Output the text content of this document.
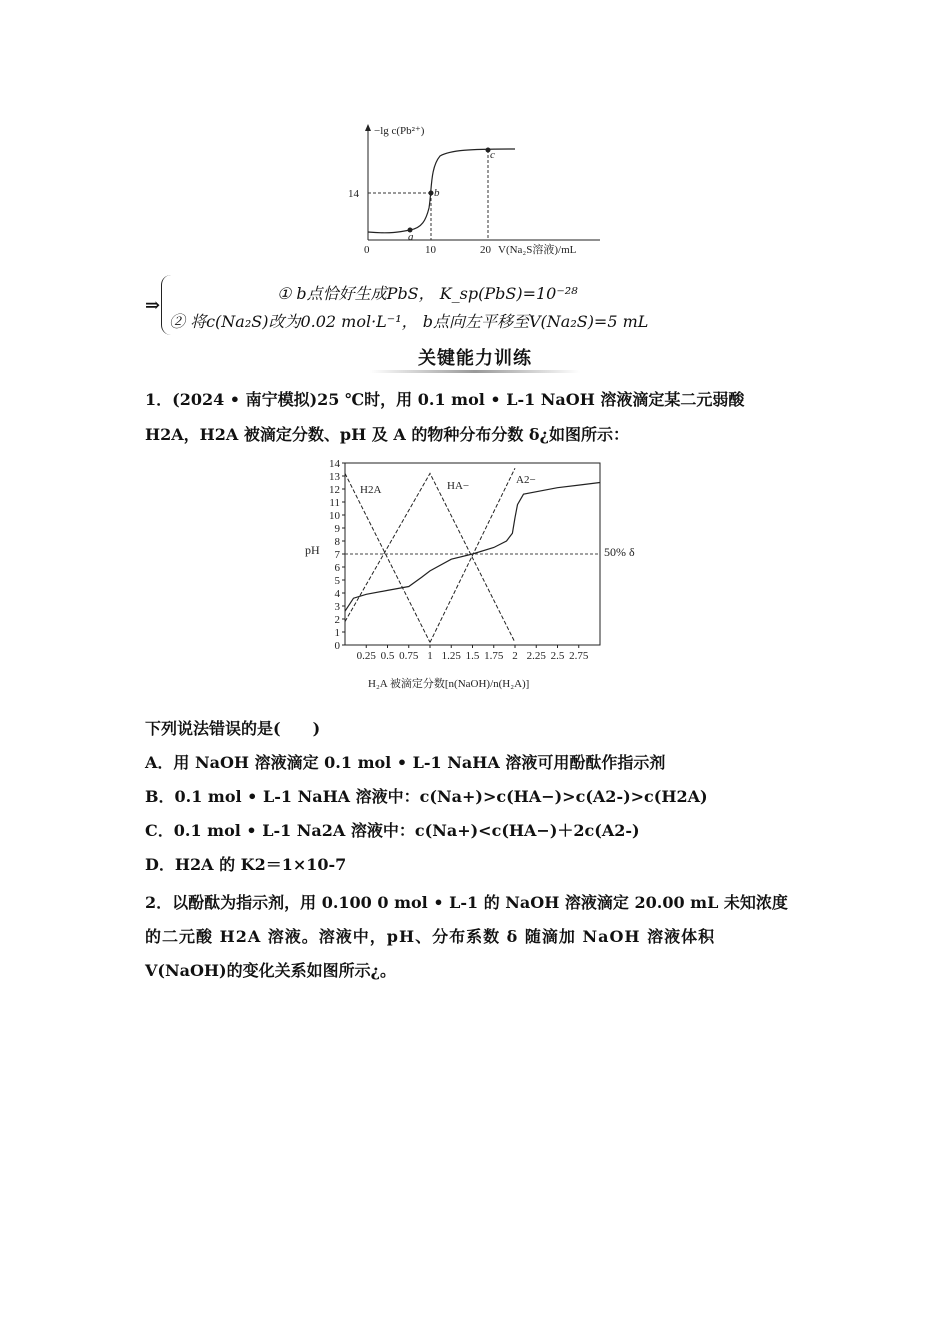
−lg c(Pb²⁺)
14
0	10	20 V(Na₂S溶液)/mL
a
b
c
⇒
① b点恰好生成PbS， K_sp(PbS)=10⁻²⁸
② 将c(Na₂S)改为0.02 mol·L⁻¹， b点向左平移至V(Na₂S)=5 mL
关键能力训练
1．(2024 • 南宁模拟)25 ℃时，用 0.1 mol • L-1 NaOH 溶液滴定某二元弱酸
H2A，H2A 被滴定分数、pH 及 A 的物种分布分数 δ¿如图所示：
pH	50% δ
H2A	HA−	A2−
H₂A 被滴定分数[n(NaOH)/n(H₂A)]
0
1
2
3
4
5
6
7
8
9
10
11
12
13
14
0.25 0.5 0.75 1 1.25 1.5 1.75 2 2.25 2.5 2.75
下列说法错误的是(　　)
A．用 NaOH 溶液滴定 0.1 mol • L-1 NaHA 溶液可用酚酞作指示剂
B．0.1 mol • L-1 NaHA 溶液中：c(Na+)>c(HA−)>c(A2-)>c(H2A)
C．0.1 mol • L-1 Na2A 溶液中：c(Na+)<c(HA−)＋2c(A2-)
D．H2A 的 K2＝1×10-7
2．以酚酞为指示剂，用 0.100 0 mol • L-1 的 NaOH 溶液滴定 20.00 mL 未知浓度
的二元酸 H2A 溶液。溶液中，pH、分布系数 δ 随滴加 NaOH 溶液体积
V(NaOH)的变化关系如图所示¿。
